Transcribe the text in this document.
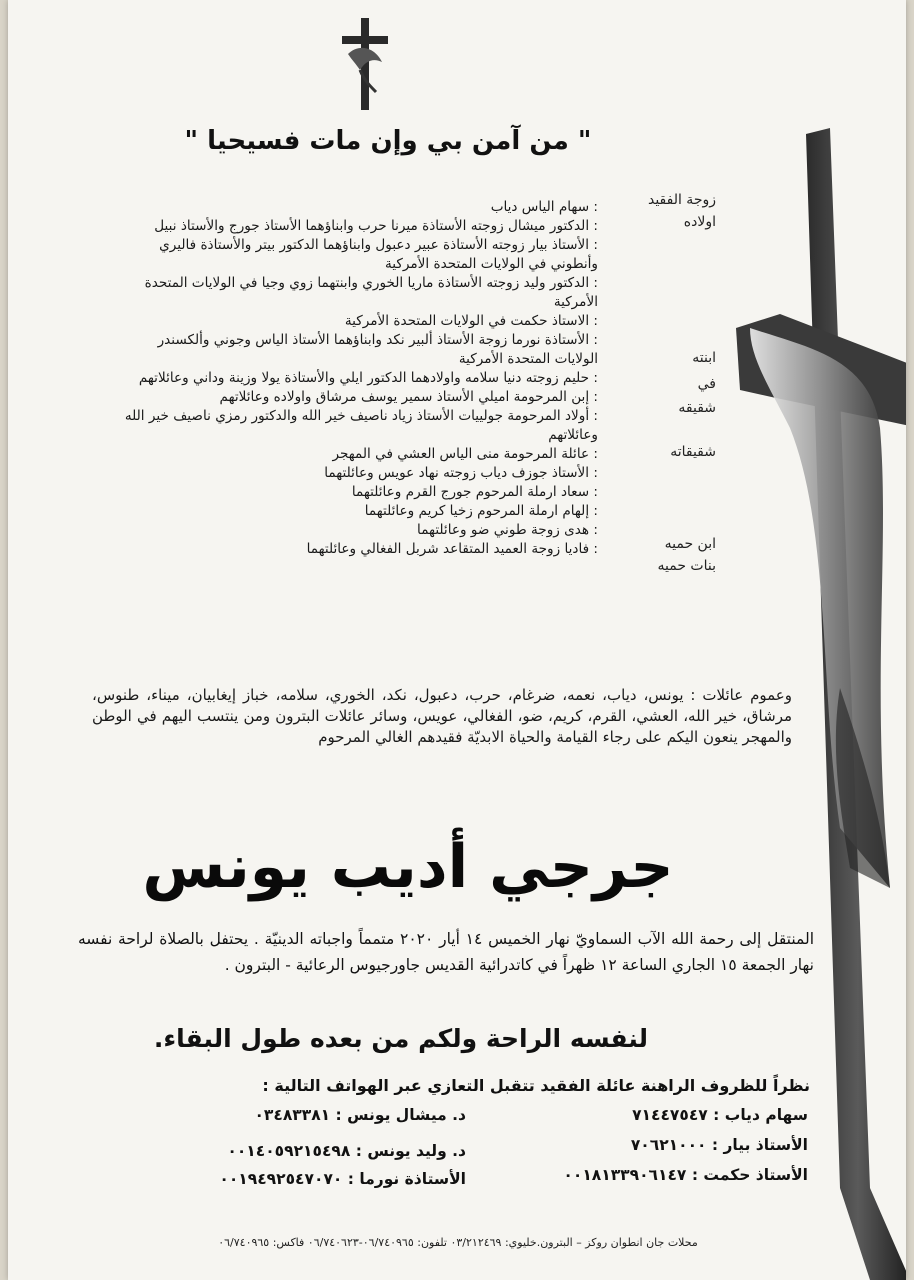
" من آمن بي وإن مات فسيحيا "
زوجة الفقيد
اولاده
ابنته
في
شقيقه
شقيقاته
ابن حميه
بنات حميه
: سهام الياس دياب
: الدكتور ميشال زوجته الأستاذة ميرنا حرب وابناؤهما الأستاذ جورج والأستاذ نبيل
: الأستاذ بيار زوجته الأستاذة عبير دعبول وابناؤهما الدكتور بيتر والأستاذة فاليري وأنطوني في الولايات المتحدة الأمركية
: الدكتور وليد زوجته الأستاذة ماريا الخوري وابنتهما زوي وجيا في الولايات المتحدة الأمركية
: الاستاذ حكمت في الولايات المتحدة الأمركية
: الأستاذة نورما زوجة الأستاذ ألبير نكد وابناؤهما الأستاذ الياس وجوني وألكسندر الولايات المتحدة الأمركية
: حليم زوجته دنيا سلامه واولادهما الدكتور ايلي والأستاذة يولا وزينة وداني وعائلاتهم
: إبن المرحومة اميلي الأستاذ سمير يوسف مرشاق واولاده وعائلاتهم
: أولاد المرحومة جولييات الأستاذ زياد ناصيف خير الله والدكتور رمزي ناصيف خير الله وعائلاتهم
: عائلة المرحومة منى الياس العشي في المهجر
: الأستاذ جوزف دياب زوجته نهاد عويس وعائلتهما
: سعاد ارملة المرحوم جورج القرم وعائلتهما
: إلهام ارملة المرحوم زخيا كريم وعائلتهما
: هدى زوجة طوني ضو وعائلتهما
: فاديا زوجة العميد المتقاعد شربل الفغالي وعائلتهما
وعموم عائلات : يونس، دياب، نعمه، ضرغام، حرب، دعبول، نكد، الخوري، سلامه، خباز إيغابيان، ميناء، طنوس، مرشاق، خير الله، العشي، القرم، كريم، ضو، الفغالي، عويس، وسائر عائلات البترون ومن ينتسب اليهم في الوطن والمهجر ينعون اليكم على رجاء القيامة والحياة الابديّة فقيدهم الغالي المرحوم
جرجي أديب يونس
المنتقل إلى رحمة الله الآب السماويّ نهار الخميس ١٤ أيار ٢٠٢٠ متمماً واجباته الدينيّة . يحتفل بالصلاة لراحة نفسه نهار الجمعة ١٥ الجاري الساعة ١٢ ظهراً في كاتدرائية القديس جاورجيوس الرعائية - البترون .
لنفسه الراحة ولكم من بعده طول البقاء.
نظراً للظروف الراهنة عائلة الفقيد تتقبل التعازي عبر الهواتف التالية :
سهام دياب : ٧١٤٤٧٥٤٧
د. ميشال يونس : ٠٣٤٨٣٣٨١
الأستاذ بيار : ٧٠٦٢١٠٠٠
د. وليد يونس : ٠٠١٤٠٥٩٢١٥٤٩٨
الأستاذ حكمت : ٠٠١٨١٣٣٩٠٦١٤٧
الأستاذة نورما : ٠٠١٩٤٩٢٥٤٧٠٧٠
محلات جان انطوان روكز – البترون.خليوي: ٠٣/٢١٢٤٦٩ تلفون: ٠٦/٧٤٠٩٦٥-٠٦/٧٤٠٦٢٣ فاكس: ٠٦/٧٤٠٩٦٥
